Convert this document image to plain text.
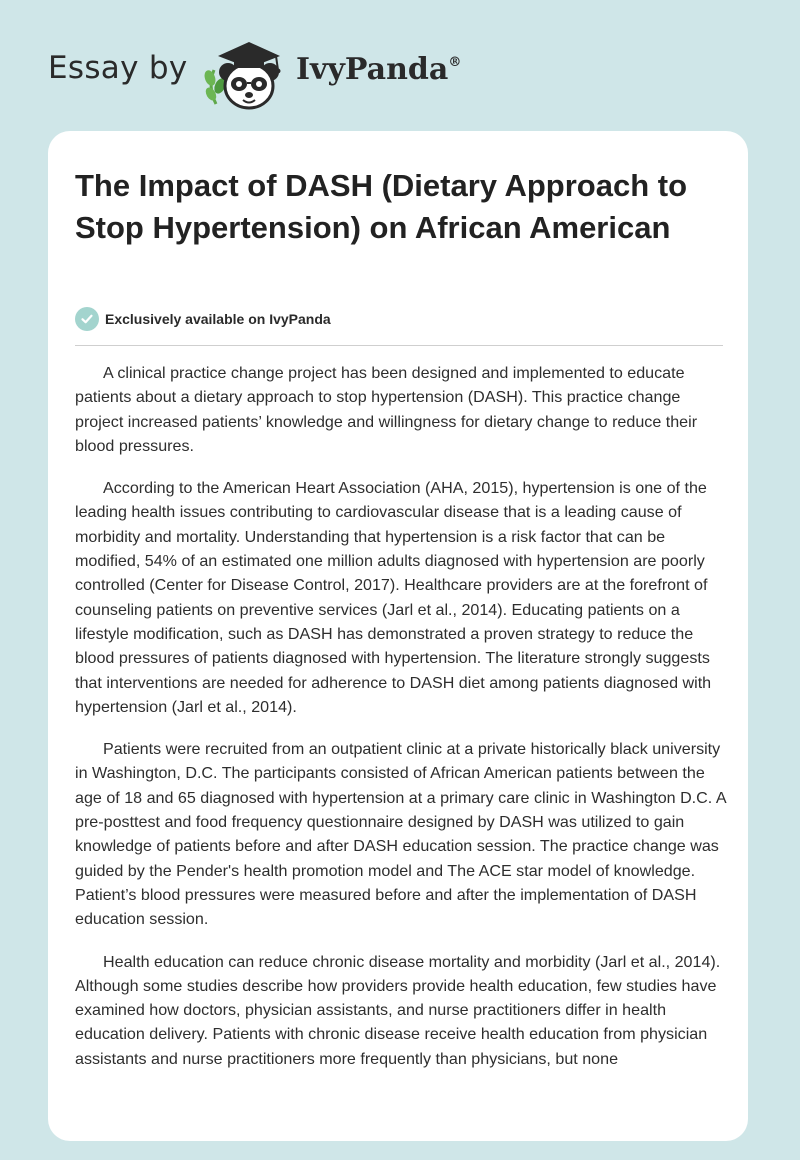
Essay by	IvyPanda®
The Impact of DASH (Dietary Approach to Stop Hypertension) on African American
Exclusively available on IvyPanda

A clinical practice change project has been designed and implemented to educate patients about a dietary approach to stop hypertension (DASH). This practice change project increased patients’ knowledge and willingness for dietary change to reduce their blood pressures.

According to the American Heart Association (AHA, 2015), hypertension is one of the leading health issues contributing to cardiovascular disease that is a leading cause of morbidity and mortality. Understanding that hypertension is a risk factor that can be modified, 54% of an estimated one million adults diagnosed with hypertension are poorly controlled (Center for Disease Control, 2017). Healthcare providers are at the forefront of counseling patients on preventive services (Jarl et al., 2014). Educating patients on a lifestyle modification, such as DASH has demonstrated a proven strategy to reduce the blood pressures of patients diagnosed with hypertension. The literature strongly suggests that interventions are needed for adherence to DASH diet among patients diagnosed with hypertension (Jarl et al., 2014).

Patients were recruited from an outpatient clinic at a private historically black university in Washington, D.C. The participants consisted of African American patients between the age of 18 and 65 diagnosed with hypertension at a primary care clinic in Washington D.C. A pre-posttest and food frequency questionnaire designed by DASH was utilized to gain knowledge of patients before and after DASH education session. The practice change was guided by the Pender's health promotion model and The ACE star model of knowledge. Patient’s blood pressures were measured before and after the implementation of DASH education session.

Health education can reduce chronic disease mortality and morbidity (Jarl et al., 2014). Although some studies describe how providers provide health education, few studies have examined how doctors, physician assistants, and nurse practitioners differ in health education delivery. Patients with chronic disease receive health education from physician assistants and nurse practitioners more frequently than physicians, but none
